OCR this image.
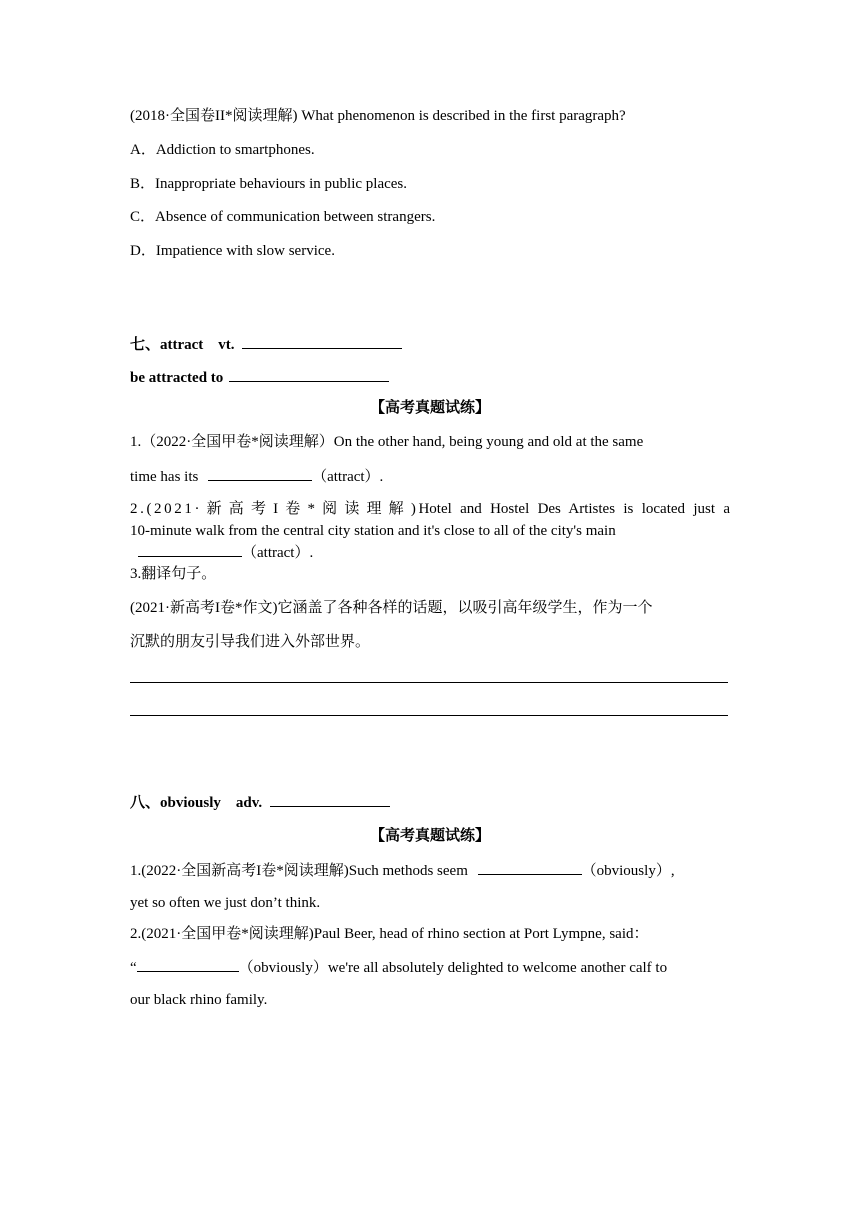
(2018·全国卷II*阅读理解) What phenomenon is described in the first paragraph?
A．Addiction to smartphones.
B．Inappropriate behaviours in public places.
C．Absence of communication between strangers.
D．Impatience with slow service.
七、attract　vt.
be attracted to
【高考真题试练】
1.（2022·全国甲卷*阅读理解）On the other hand, being young and old at the same
time has its	（attract）.
2.(2021·新高考I卷*阅读理解)Hotel and Hostel Des Artistes is located just a
10-minute walk from the central city station and it's close to all of the city's main
（attract）.
3.翻译句子。
(2021·新高考I卷*作文)它涵盖了各种各样的话题，以吸引高年级学生，作为一个
沉默的朋友引导我们进入外部世界。
八、obviously　adv.
【高考真题试练】
1.(2022·全国新高考I卷*阅读理解)Such methods seem	（obviously）,
yet so often we just don’t think.
2.(2021·全国甲卷*阅读理解)Paul Beer, head of rhino section at Port Lympne, said：
“	（obviously）we're all absolutely delighted to welcome another calf to
our black rhino family.
